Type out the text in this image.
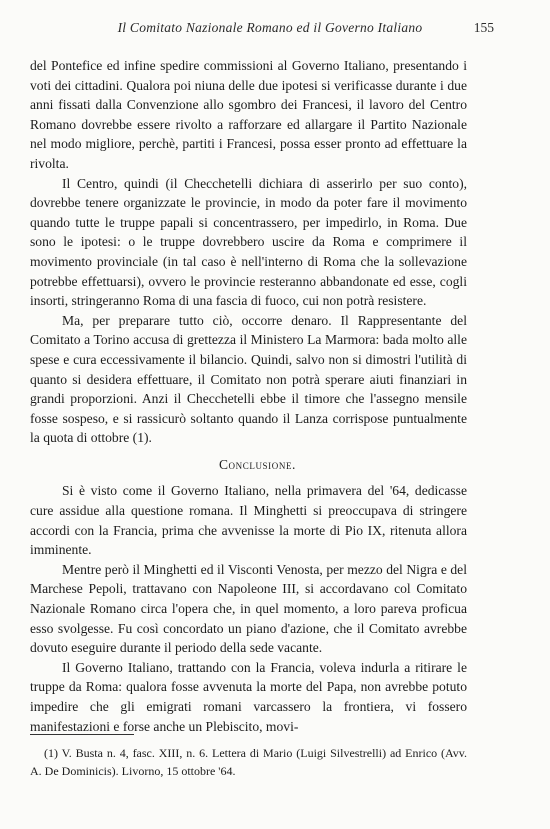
Il Comitato Nazionale Romano ed il Governo Italiano	155

del Pontefice ed infine spedire commissioni al Governo Italiano, presentando i voti dei cittadini. Qualora poi niuna delle due ipotesi si verificasse durante i due anni fissati dalla Convenzione allo sgombro dei Francesi, il lavoro del Centro Romano dovrebbe essere rivolto a rafforzare ed allargare il Partito Nazionale nel modo migliore, perchè, partiti i Francesi, possa esser pronto ad effettuare la rivolta.

Il Centro, quindi (il Checchetelli dichiara di asserirlo per suo conto), dovrebbe tenere organizzate le provincie, in modo da poter fare il movimento quando tutte le truppe papali si concentrassero, per impedirlo, in Roma. Due sono le ipotesi: o le truppe dovrebbero uscire da Roma e comprimere il movimento provinciale (in tal caso è nell'interno di Roma che la sollevazione potrebbe effettuarsi), ovvero le provincie resteranno abbandonate ed esse, cogli insorti, stringeranno Roma di una fascia di fuoco, cui non potrà resistere.

Ma, per preparare tutto ciò, occorre denaro. Il Rappresentante del Comitato a Torino accusa di grettezza il Ministero La Marmora: bada molto alle spese e cura eccessivamente il bilancio. Quindi, salvo non si dimostri l'utilità di quanto si desidera effettuare, il Comitato non potrà sperare aiuti finanziari in grandi proporzioni. Anzi il Checchetelli ebbe il timore che l'assegno mensile fosse sospeso, e si rassicurò soltanto quando il Lanza corrispose puntualmente la quota di ottobre (1).

Conclusione.

Si è visto come il Governo Italiano, nella primavera del '64, dedicasse cure assidue alla questione romana. Il Minghetti si preoccupava di stringere accordi con la Francia, prima che avvenisse la morte di Pio IX, ritenuta allora imminente.

Mentre però il Minghetti ed il Visconti Venosta, per mezzo del Nigra e del Marchese Pepoli, trattavano con Napoleone III, si accordavano col Comitato Nazionale Romano circa l'opera che, in quel momento, a loro pareva proficua esso svolgesse. Fu così concordato un piano d'azione, che il Comitato avrebbe dovuto eseguire durante il periodo della sede vacante.

Il Governo Italiano, trattando con la Francia, voleva indurla a ritirare le truppe da Roma: qualora fosse avvenuta la morte del Papa, non avrebbe potuto impedire che gli emigrati romani varcassero la frontiera, vi fossero manifestazioni e forse anche un Plebiscito, movi-

(1) V. Busta n. 4, fasc. XIII, n. 6. Lettera di Mario (Luigi Silvestrelli) ad Enrico (Avv. A. De Dominicis). Livorno, 15 ottobre '64.
